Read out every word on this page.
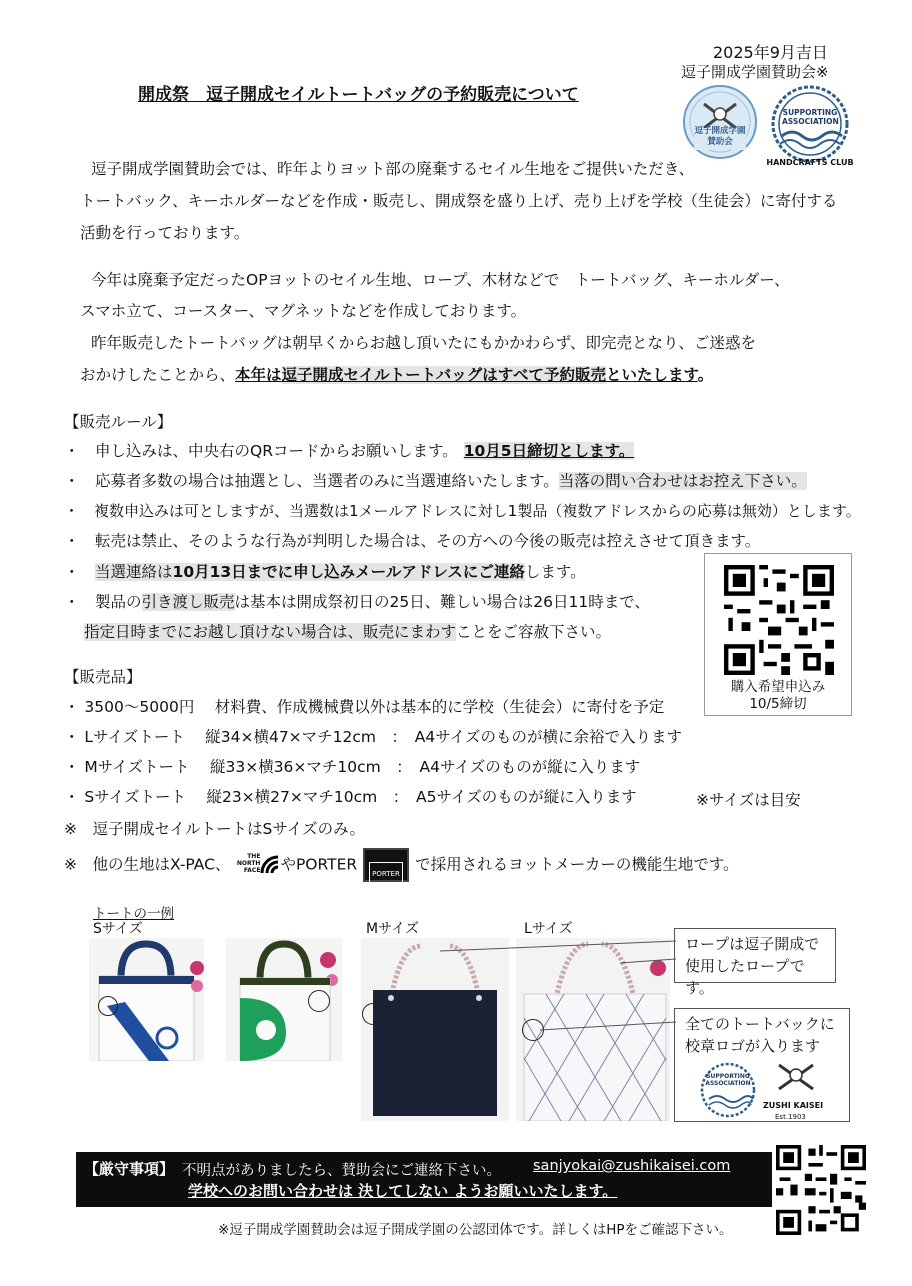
2025年9月吉日
逗子開成学園賛助会※
開成祭　逗子開成セイルトートバッグの予約販売について
逗子開成学園 賛助会
SUPPORTING ASSOCIATION
HANDCRAFTS CLUB
逗子開成学園賛助会では、昨年よりヨット部の廃棄するセイル生地をご提供いただき、
トートバック、キーホルダーなどを作成・販売し、開成祭を盛り上げ、売り上げを学校（生徒会）に寄付する
活動を行っております。
今年は廃棄予定だったOPヨットのセイル生地、ロープ、木材などで　トートバッグ、キーホルダー、
スマホ立て、コースター、マグネットなどを作成しております。
昨年販売したトートバッグは朝早くからお越し頂いたにもかかわらず、即完売となり、ご迷惑を
おかけしたことから、本年は逗子開成セイルトートバッグはすべて予約販売といたします。
【販売ルール】
・　申し込みは、中央右のQRコードからお願いします。 10月5日締切とします。
・　応募者多数の場合は抽選とし、当選者のみに当選連絡いたします。当落の問い合わせはお控え下さい。
・　複数申込みは可としますが、当選数は1メールアドレスに対し1製品（複数アドレスからの応募は無効）とします。
・　転売は禁止、そのような行為が判明した場合は、その方への今後の販売は控えさせて頂きます。
・　当選連絡は10月13日までに申し込みメールアドレスにご連絡します。
・　製品の引き渡し販売は基本は開成祭初日の25日、難しい場合は26日11時まで、
指定日時までにお越し頂けない場合は、販売にまわすことをご容赦下さい。
購入希望申込み
10/5締切
【販売品】
・ 3500～5000円　 材料費、作成機械費以外は基本的に学校（生徒会）に寄付を予定
・ Lサイズトート　 縦34×横47×マチ12cm　：　A4サイズのものが横に余裕で入ります
・ Mサイズトート　 縦33×横36×マチ10cm　：　A4サイズのものが縦に入ります
・ Sサイズトート　 縦23×横27×マチ10cm　：　A5サイズのものが縦に入ります	※サイズは目安
※　逗子開成セイルトートはSサイズのみ。
※　他の生地はX-PAC、	THE NORTH FACE やPORTER
PORTER
で採用されるヨットメーカーの機能生地です。
トートの一例
Sサイズ	Mサイズ	Lサイズ
ロープは逗子開成で
使用したロープです。
全てのトートバックに
校章ロゴが入ります
SUPPORTING ASSOCIATION
ZUSHI KAISEI
Est.1903
【厳守事項】 不明点がありましたら、賛助会にご連絡下さい。 sanjyokai@zushikaisei.com
学校へのお問い合わせは 決してしない ようお願いいたします。
※逗子開成学園賛助会は逗子開成学園の公認団体です。詳しくはHPをご確認下さい。
